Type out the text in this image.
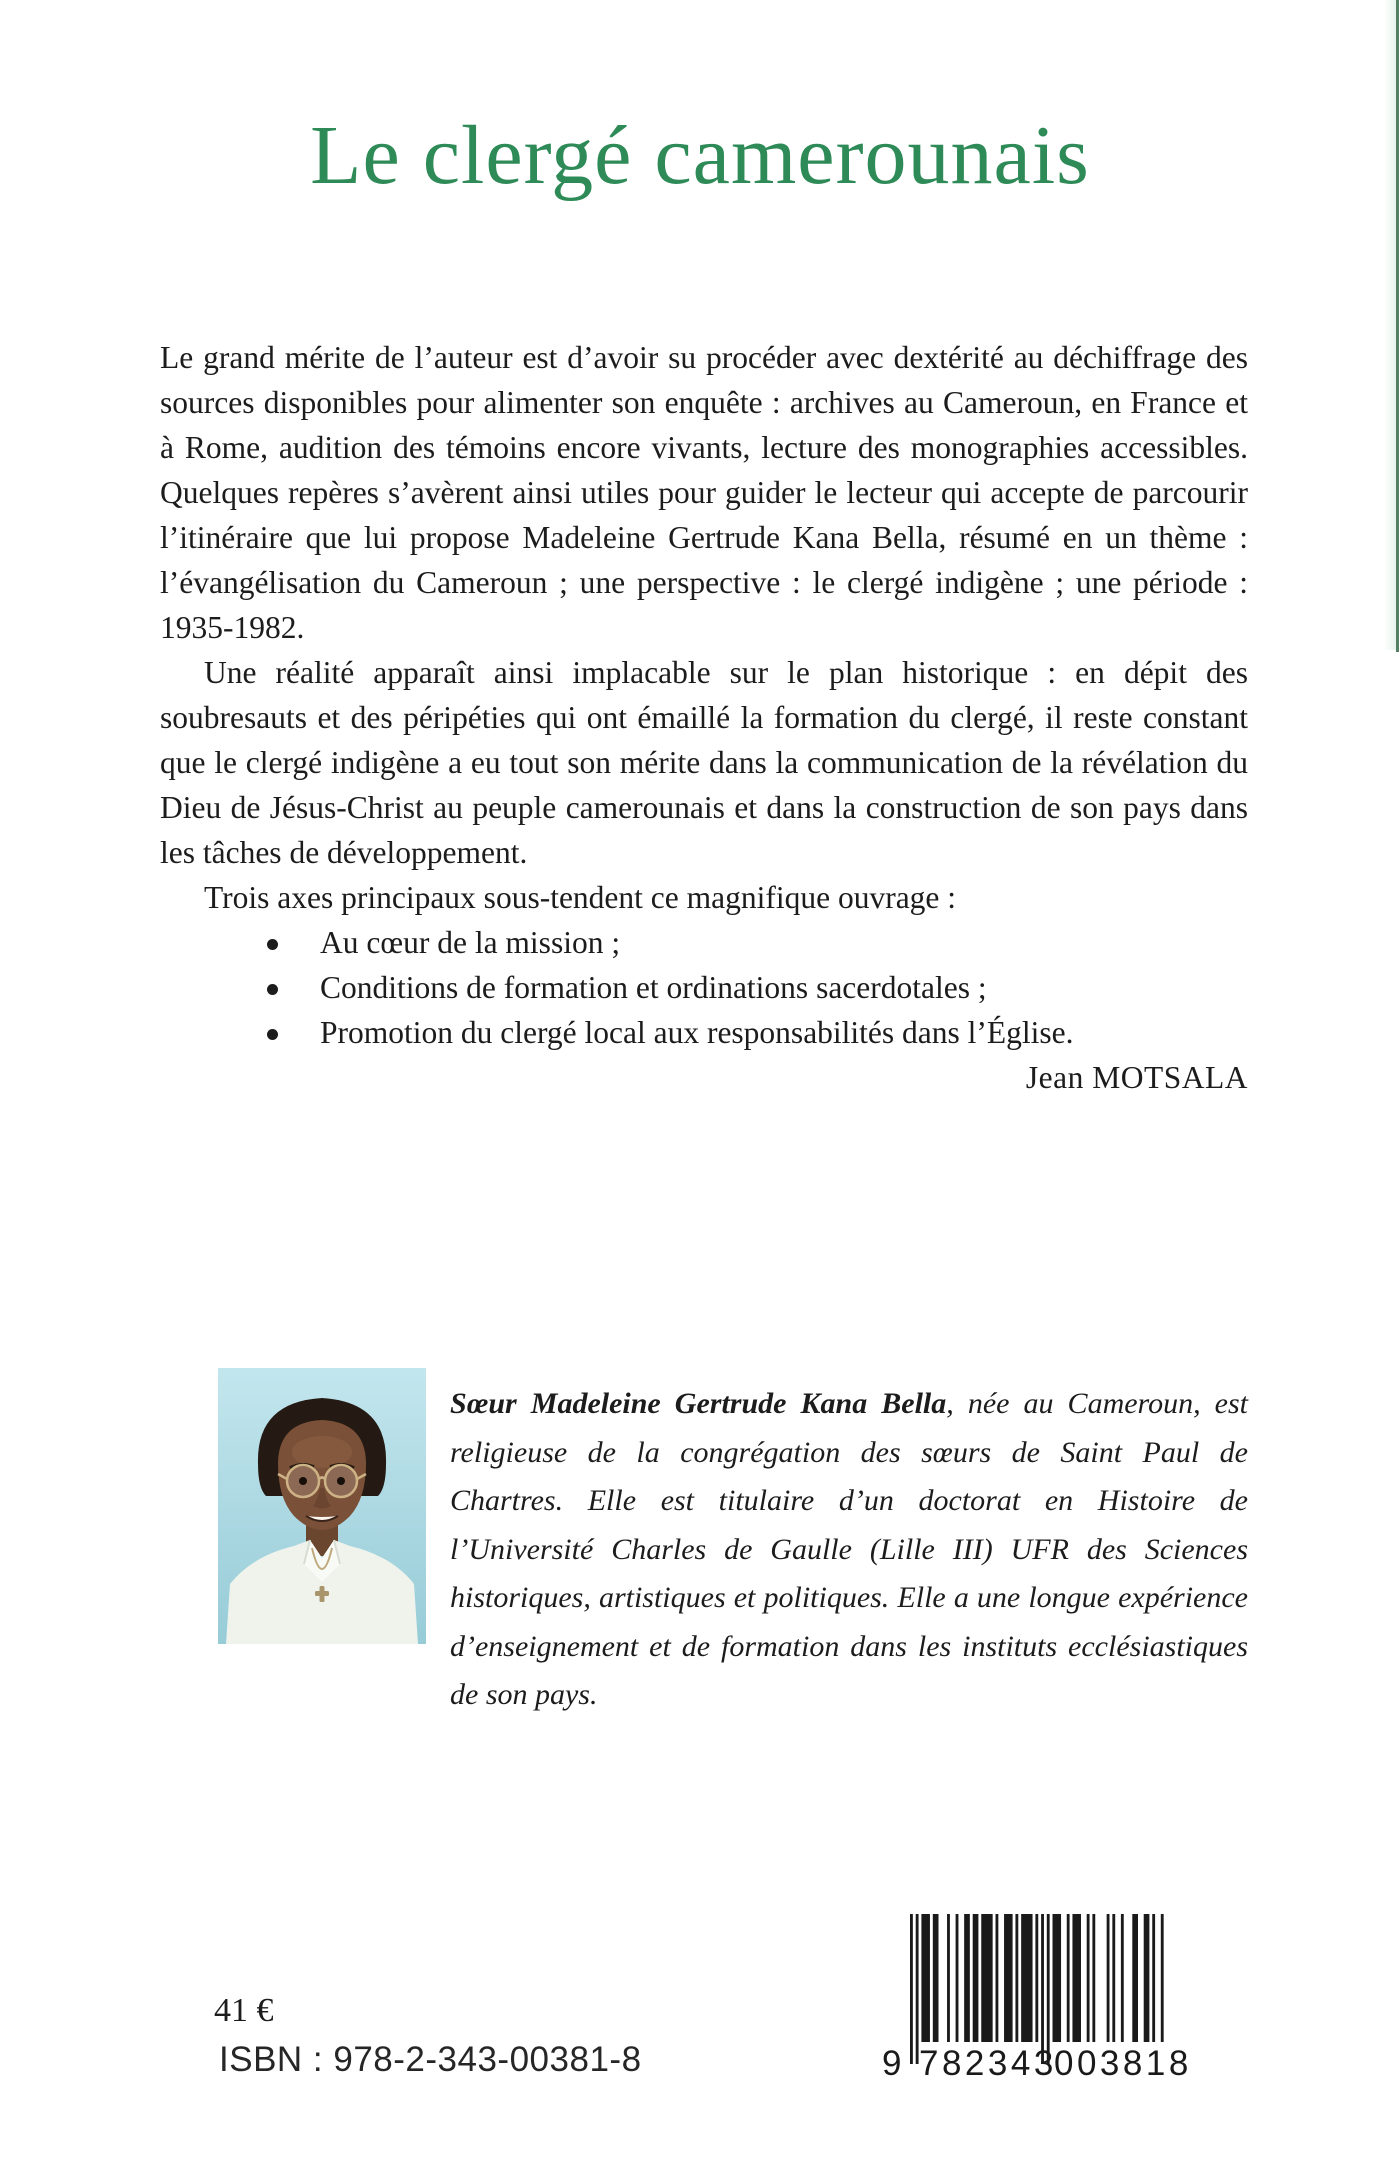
Le clergé camerounais

Le grand mérite de l’auteur est d’avoir su procéder avec dextérité au déchiffrage des sources disponibles pour alimenter son enquête : archives au Cameroun, en France et à Rome, audition des témoins encore vivants, lecture des monographies accessibles. Quelques repères s’avèrent ainsi utiles pour guider le lecteur qui accepte de parcourir l’itinéraire que lui propose Madeleine Gertrude Kana Bella, résumé en un thème : l’évangélisation du Cameroun ; une perspective : le clergé indigène ; une période : 1935-1982.

Une réalité apparaît ainsi implacable sur le plan historique : en dépit des soubresauts et des péripéties qui ont émaillé la formation du clergé, il reste constant que le clergé indigène a eu tout son mérite dans la communication de la révélation du Dieu de Jésus-Christ au peuple camerounais et dans la construction de son pays dans les tâches de développement.

Trois axes principaux sous-tendent ce magnifique ouvrage :

Au cœur de la mission ;
Conditions de formation et ordinations sacerdotales ;
Promotion du clergé local aux responsabilités dans l’Église.

Jean MOTSALA

Sœur Madeleine Gertrude Kana Bella, née au Cameroun, est religieuse de la congrégation des sœurs de Saint Paul de Chartres. Elle est titulaire d’un doctorat en Histoire de l’Université Charles de Gaulle (Lille III) UFR des Sciences historiques, artistiques et politiques. Elle a une longue expérience d’enseignement et de formation dans les instituts ecclésiastiques de son pays.

41 €
ISBN : 978-2-343-00381-8	9 782343
003818
